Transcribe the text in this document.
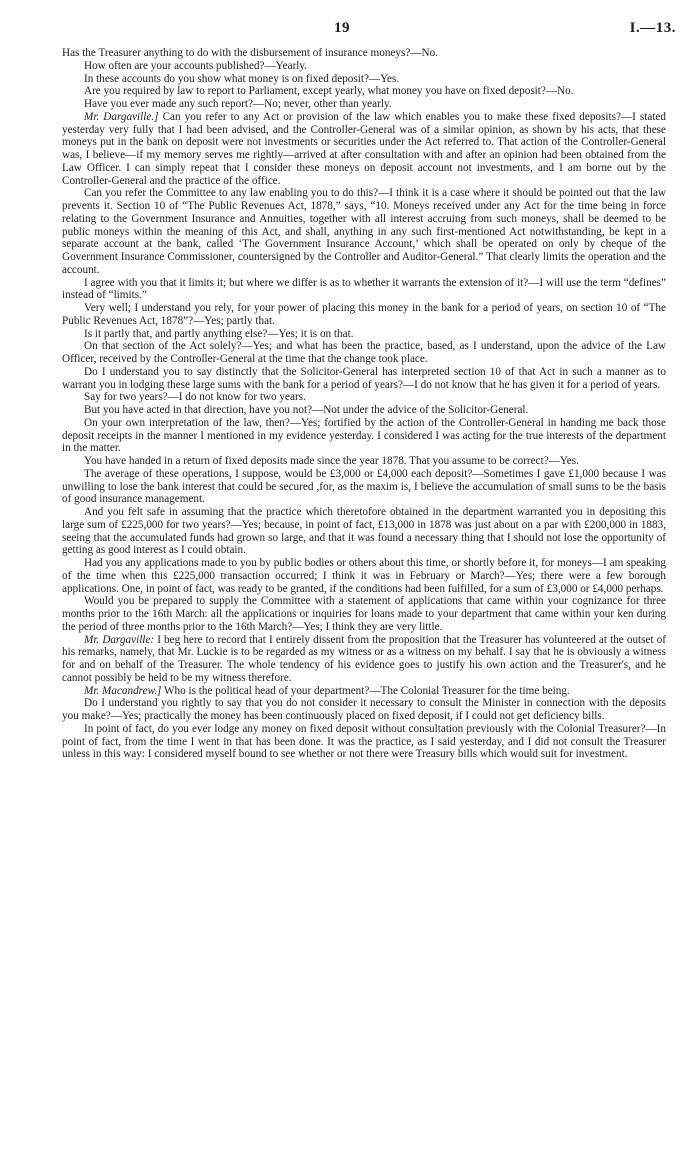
19	I.—13.

Has the Treasurer anything to do with the disbursement of insurance moneys?—No.

How often are your accounts published?—Yearly.

In these accounts do you show what money is on fixed deposit?—Yes.

Are you required by law to report to Parliament, except yearly, what money you have on fixed deposit?—No.

Have you ever made any such report?—No; never, other than yearly.

Mr. Dargaville.] Can you refer to any Act or provision of the law which enables you to make these fixed deposits?—I stated yesterday very fully that I had been advised, and the Controller-General was of a similar opinion, as shown by his acts, that these moneys put in the bank on deposit were not investments or securities under the Act referred to. That action of the Controller-General was, I believe—if my memory serves me rightly—arrived at after consultation with and after an opinion had been obtained from the Law Officer. I can simply repeat that I consider these moneys on deposit account not investments, and I am borne out by the Controller-General and the practice of the office.

Can you refer the Committee to any law enabling you to do this?—I think it is a case where it should be pointed out that the law prevents it. Section 10 of “The Public Revenues Act, 1878,” says, “10. Moneys received under any Act for the time being in force relating to the Government Insurance and Annuities, together with all interest accruing from such moneys, shall be deemed to be public moneys within the meaning of this Act, and shall, anything in any such first-mentioned Act notwithstanding, be kept in a separate account at the bank, called ‘The Government Insurance Account,’ which shall be operated on only by cheque of the Government Insurance Commissioner, countersigned by the Controller and Auditor-General.” That clearly limits the operation and the account.

I agree with you that it limits it; but where we differ is as to whether it warrants the extension of it?—I will use the term “defines” instead of “limits.”

Very well; I understand you rely, for your power of placing this money in the bank for a period of years, on section 10 of “The Public Revenues Act, 1878”?—Yes; partly that.

Is it partly that, and partly anything else?—Yes; it is on that.

On that section of the Act solely?—Yes; and what has been the practice, based, as I understand, upon the advice of the Law Officer, received by the Controller-General at the time that the change took place.

Do I understand you to say distinctly that the Solicitor-General has interpreted section 10 of that Act in such a manner as to warrant you in lodging these large sums with the bank for a period of years?—I do not know that he has given it for a period of years.

Say for two years?—I do not know for two years.

But you have acted in that direction, have you not?—Not under the advice of the Solicitor-General.

On your own interpretation of the law, then?—Yes; fortified by the action of the Controller-General in handing me back those deposit receipts in the manner I mentioned in my evidence yesterday. I considered I was acting for the true interests of the department in the matter.

You have handed in a return of fixed deposits made since the year 1878. That you assume to be correct?—Yes.

The average of these operations, I suppose, would be £3,000 or £4,000 each deposit?—Sometimes I gave £1,000 because I was unwilling to lose the bank interest that could be secured ,for, as the maxim is, I believe the accumulation of small sums to be the basis of good insurance management.

And you felt safe in assuming that the practice which theretofore obtained in the department warranted you in depositing this large sum of £225,000 for two years?—Yes; because, in point of fact, £13,000 in 1878 was just about on a par with £200,000 in 1883, seeing that the accumulated funds had grown so large, and that it was found a necessary thing that I should not lose the opportunity of getting as good interest as I could obtain.

Had you any applications made to you by public bodies or others about this time, or shortly before it, for moneys—I am speaking of the time when this £225,000 transaction occurred; I think it was in February or March?—Yes; there were a few borough applications. One, in point of fact, was ready to be granted, if the conditions had been fulfilled, for a sum of £3,000 or £4,000 perhaps.

Would you be prepared to supply the Committee with a statement of applications that came within your cognizance for three months prior to the 16th March: all the applications or inquiries for loans made to your department that came within your ken during the period of three months prior to the 16th March?—Yes; I think they are very little.

Mr. Dargaville: I beg here to record that I entirely dissent from the proposition that the Treasurer has volunteered at the outset of his remarks, namely, that Mr. Luckie is to be regarded as my witness or as a witness on my behalf. I say that he is obviously a witness for and on behalf of the Treasurer. The whole tendency of his evidence goes to justify his own action and the Treasurer's, and he cannot possibly be held to be my witness therefore.

Mr. Macandrew.] Who is the political head of your department?—The Colonial Treasurer for the time being.

Do I understand you rightly to say that you do not consider it necessary to consult the Minister in connection with the deposits you make?—Yes; practically the money has been continuously placed on fixed deposit, if I could not get deficiency bills.

In point of fact, do you ever lodge any money on fixed deposit without consultation previously with the Colonial Treasurer?—In point of fact, from the time I went in that has been done. It was the practice, as I said yesterday, and I did not consult the Treasurer unless in this way: I considered myself bound to see whether or not there were Treasury bills which would suit for investment.
